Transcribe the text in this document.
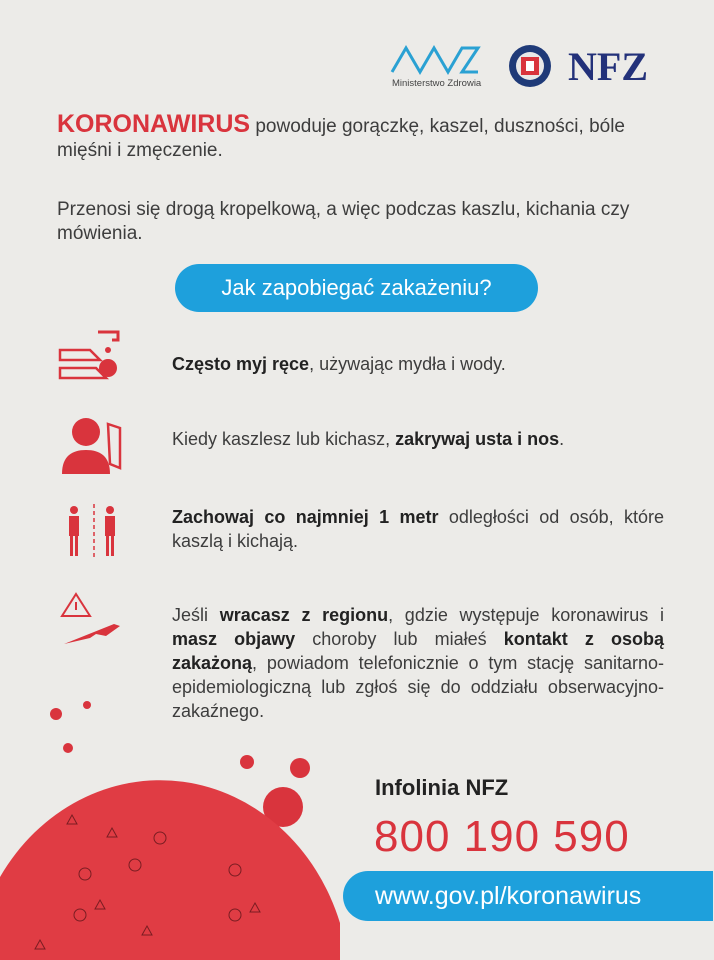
Ministerstwo Zdrowia NFZ
KORONAWIRUS powoduje gorączkę, kaszel, duszności, bóle mięśni i zmęczenie.
Przenosi się drogą kropelkową, a więc podczas kaszlu, kichania czy mówienia.
Jak zapobiegać zakażeniu?
Często myj ręce, używając mydła i wody.
Kiedy kaszlesz lub kichasz, zakrywaj usta i nos.
Zachowaj co najmniej 1 metr odległości od osób, które kaszlą i kichają.
Jeśli wracasz z regionu, gdzie występuje koronawirus i masz objawy choroby lub miałeś kontakt z osobą zakażoną, powiadom telefonicznie o tym stację sanitarno-epidemiologiczną lub zgłoś się do oddziału obserwacyjno-zakaźnego.
Infolinia NFZ
800 190 590
www.gov.pl/koronawirus
